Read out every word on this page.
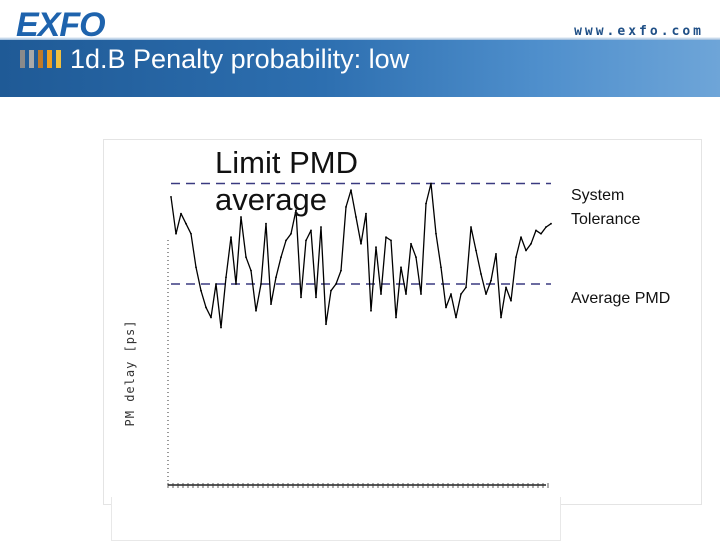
EXFO	www.exfo.com
1d.B Penalty probability: low
PM delay [ps]
Limit PMD average	System Tolerance
Average PMD
